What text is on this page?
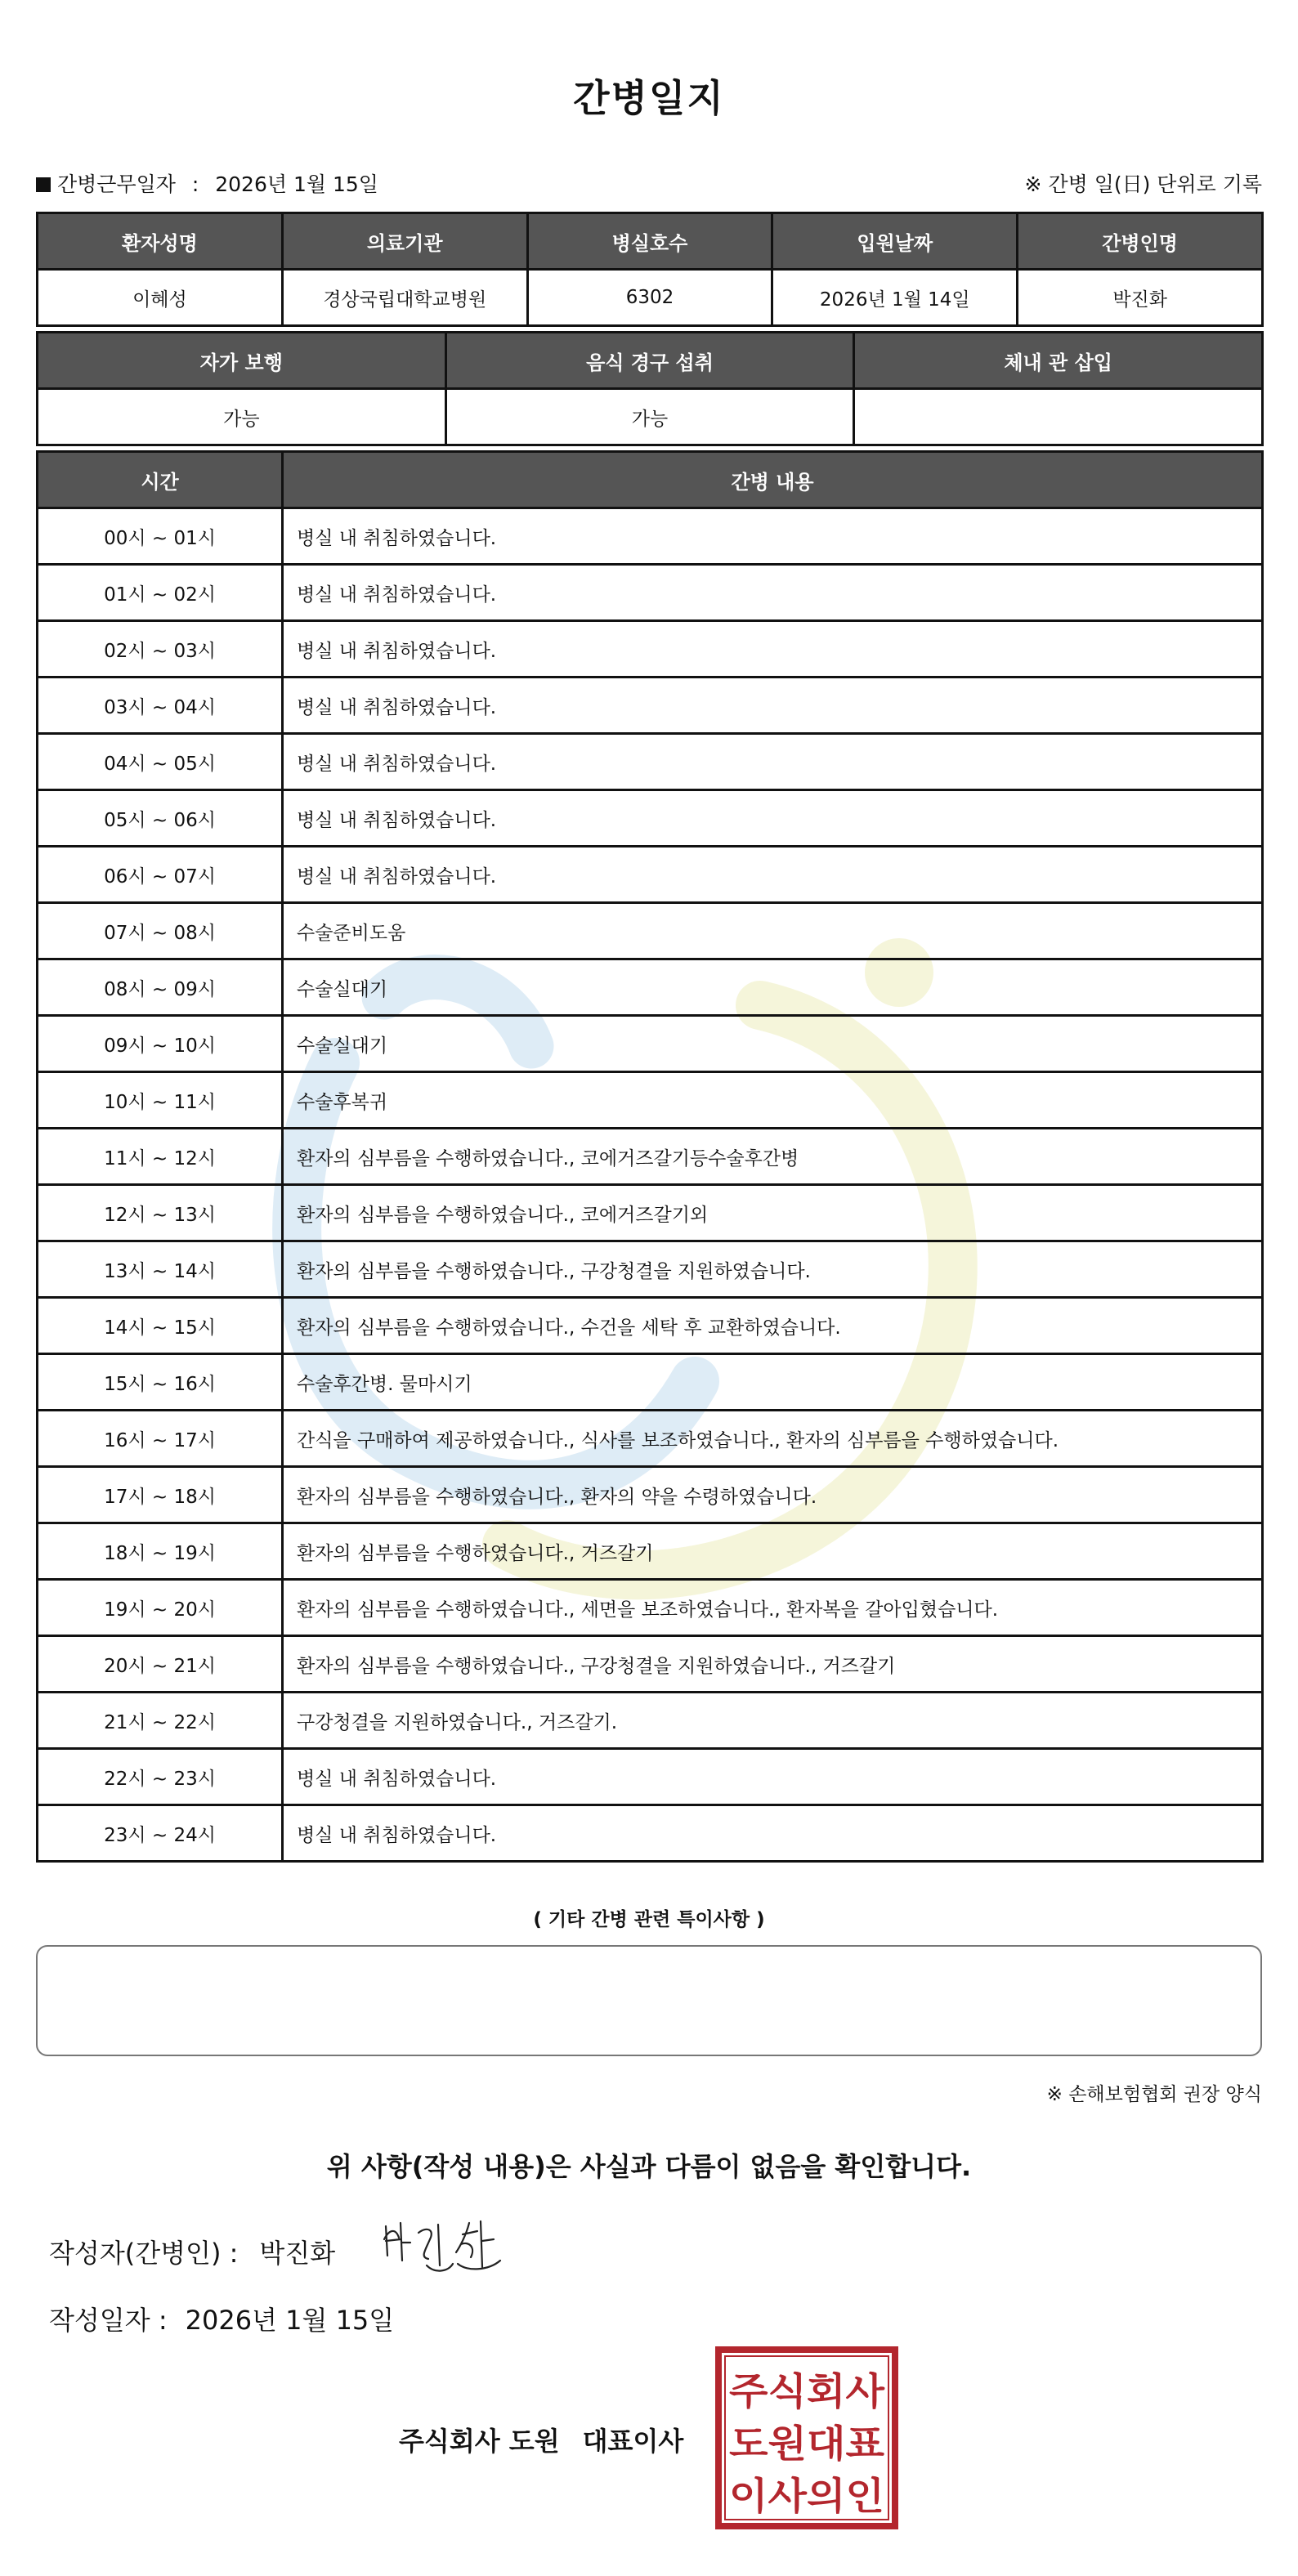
간병일지
간병근무일자 : 2026년 1월 15일	※ 간병 일(日) 단위로 기록
환자성명	의료기관	병실호수	입원날짜	간병인명
이혜성	경상국립대학교병원	6302	2026년 1월 14일	박진화
자가 보행	음식 경구 섭취	체내 관 삽입
가능	가능	
시간	간병 내용
00시 ~ 01시	병실 내 취침하였습니다.
01시 ~ 02시	병실 내 취침하였습니다.
02시 ~ 03시	병실 내 취침하였습니다.
03시 ~ 04시	병실 내 취침하였습니다.
04시 ~ 05시	병실 내 취침하였습니다.
05시 ~ 06시	병실 내 취침하였습니다.
06시 ~ 07시	병실 내 취침하였습니다.
07시 ~ 08시	수술준비도움
08시 ~ 09시	수술실대기
09시 ~ 10시	수술실대기
10시 ~ 11시	수술후복귀
11시 ~ 12시	환자의 심부름을 수행하였습니다., 코에거즈갈기등수술후간병
12시 ~ 13시	환자의 심부름을 수행하였습니다., 코에거즈갈기외
13시 ~ 14시	환자의 심부름을 수행하였습니다., 구강청결을 지원하였습니다.
14시 ~ 15시	환자의 심부름을 수행하였습니다., 수건을 세탁 후 교환하였습니다.
15시 ~ 16시	수술후간병. 물마시기
16시 ~ 17시	간식을 구매하여 제공하였습니다., 식사를 보조하였습니다., 환자의 심부름을 수행하였습니다.
17시 ~ 18시	환자의 심부름을 수행하였습니다., 환자의 약을 수령하였습니다.
18시 ~ 19시	환자의 심부름을 수행하였습니다., 거즈갈기
19시 ~ 20시	환자의 심부름을 수행하였습니다., 세면을 보조하였습니다., 환자복을 갈아입혔습니다.
20시 ~ 21시	환자의 심부름을 수행하였습니다., 구강청결을 지원하였습니다., 거즈갈기
21시 ~ 22시	구강청결을 지원하였습니다., 거즈갈기.
22시 ~ 23시	병실 내 취침하였습니다.
23시 ~ 24시	병실 내 취침하였습니다.
( 기타 간병 관련 특이사항 )
※ 손해보험협회 권장 양식
위 사항(작성 내용)은 사실과 다름이 없음을 확인합니다.
작성자(간병인) : 박진화
작성일자 : 2026년 1월 15일
주식회사 도원 대표이사
주식회사
도원대표
이사의인
